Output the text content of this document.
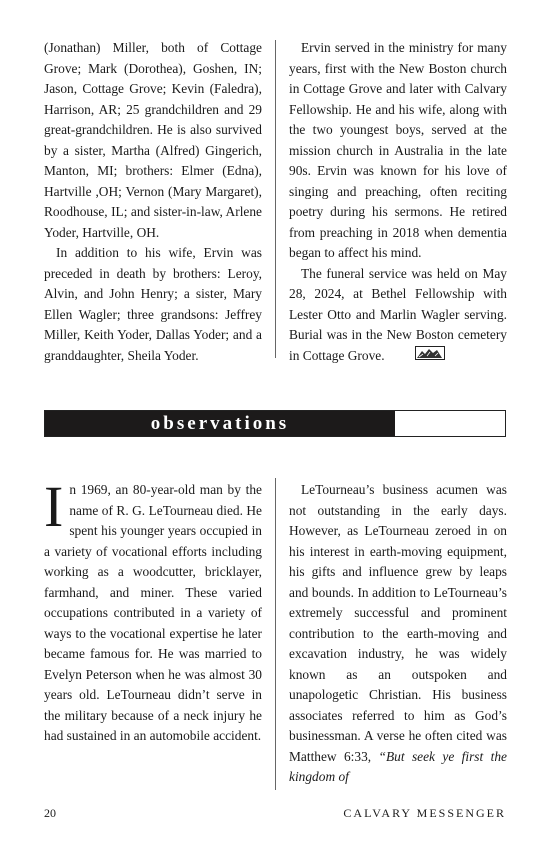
(Jonathan) Miller, both of Cottage Grove; Mark (Dorothea), Goshen, IN; Jason, Cottage Grove; Kevin (Faledra), Harrison, AR; 25 grandchildren and 29 great-grandchildren. He is also survived by a sister, Martha (Alfred) Gingerich, Manton, MI; brothers: Elmer (Edna), Hartville ,OH; Vernon (Mary Margaret), Roodhouse, IL; and sister-in-law, Arlene Yoder, Hartville, OH.

In addition to his wife, Ervin was preceded in death by brothers: Leroy, Alvin, and John Henry; a sister, Mary Ellen Wagler; three grandsons: Jeffrey Miller, Keith Yoder, Dallas Yoder; and a granddaughter, Sheila Yoder.

Ervin served in the ministry for many years, first with the New Boston church in Cottage Grove and later with Calvary Fellowship. He and his wife, along with the two youngest boys, served at the mission church in Australia in the late 90s. Ervin was known for his love of singing and preaching, often reciting poetry during his sermons. He retired from preaching in 2018 when dementia began to affect his mind.

The funeral service was held on May 28, 2024, at Bethel Fellowship with Lester Otto and Marlin Wagler serving. Burial was in the New Boston cemetery in Cottage Grove.

observations

In 1969, an 80-year-old man by the name of R. G. LeTourneau died. He spent his younger years occupied in a variety of vocational efforts including working as a woodcutter, bricklayer, farmhand, and miner. These varied occupations contributed in a variety of ways to the vocational expertise he later became famous for. He was married to Evelyn Peterson when he was almost 30 years old. LeTourneau didn’t serve in the military because of a neck injury he had sustained in an automobile accident.

LeTourneau’s business acumen was not outstanding in the early days. However, as LeTourneau zeroed in on his interest in earth-moving equipment, his gifts and influence grew by leaps and bounds. In addition to LeTourneau’s extremely successful and prominent contribution to the earth-moving and excavation industry, he was widely known as an outspoken and unapologetic Christian. His business associates referred to him as God’s businessman. A verse he often cited was Matthew 6:33, “But seek ye first the kingdom of

20	CALVARY MESSENGER
